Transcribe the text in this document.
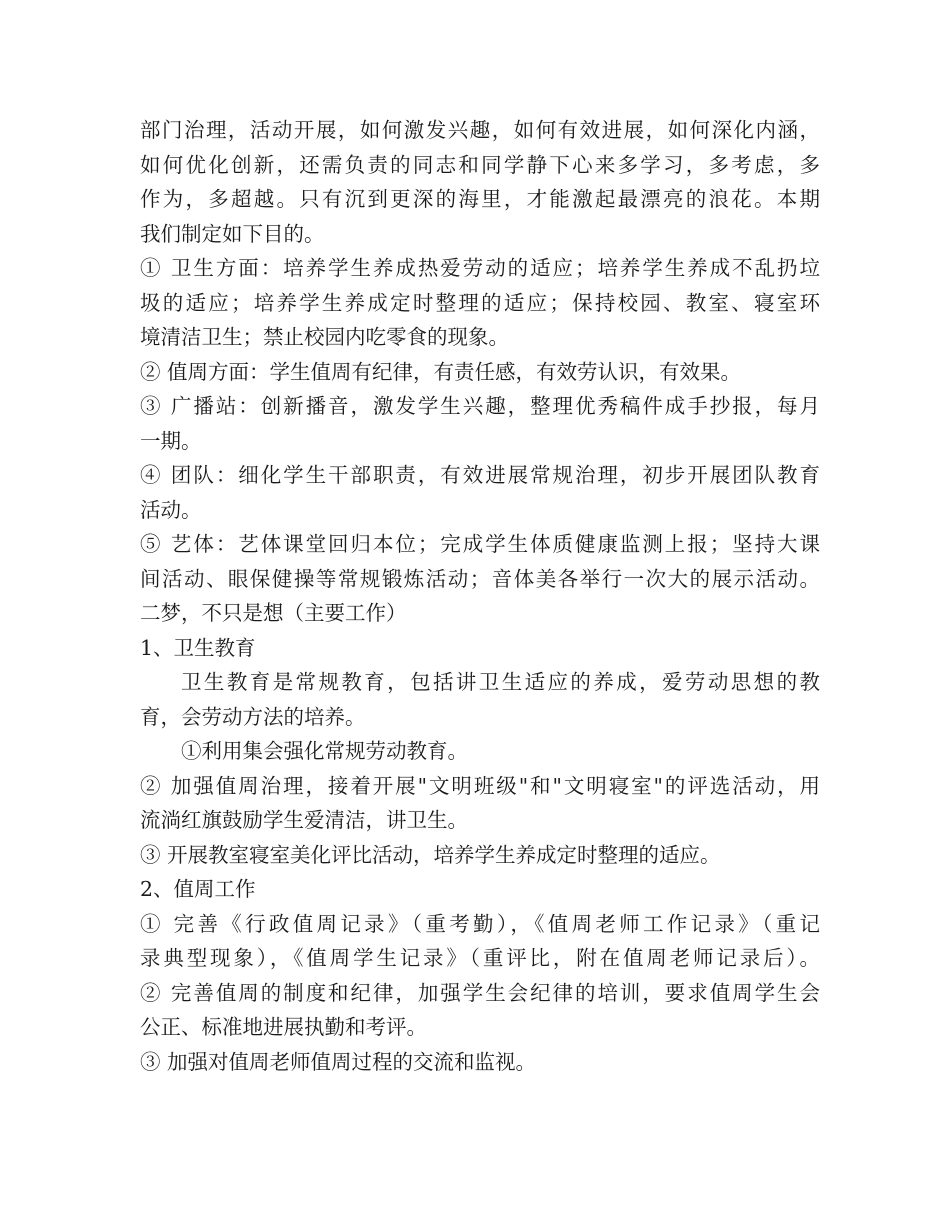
部门治理，活动开展，如何激发兴趣，如何有效进展，如何深化内涵，
如何优化创新，还需负责的同志和同学静下心来多学习，多考虑，多
作为，多超越。只有沉到更深的海里，才能激起最漂亮的浪花。本期
我们制定如下目的。
① 卫生方面：培养学生养成热爱劳动的适应；培养学生养成不乱扔垃
圾的适应；培养学生养成定时整理的适应；保持校园、教室、寝室环
境清洁卫生；禁止校园内吃零食的现象。
② 值周方面：学生值周有纪律，有责任感，有效劳认识，有效果。
③ 广播站：创新播音，激发学生兴趣，整理优秀稿件成手抄报，每月
一期。
④ 团队：细化学生干部职责，有效进展常规治理，初步开展团队教育
活动。
⑤ 艺体：艺体课堂回归本位；完成学生体质健康监测上报；坚持大课
间活动、眼保健操等常规锻炼活动；音体美各举行一次大的展示活动。
二梦，不只是想（主要工作）
1、卫生教育
卫生教育是常规教育，包括讲卫生适应的养成，爱劳动思想的教
育，会劳动方法的培养。
①利用集会强化常规劳动教育。
② 加强值周治理，接着开展"文明班级"和"文明寝室"的评选活动，用
流淌红旗鼓励学生爱清洁，讲卫生。
③ 开展教室寝室美化评比活动，培养学生养成定时整理的适应。
2、值周工作
① 完善《行政值周记录》（重考勤），《值周老师工作记录》（重记
录典型现象），《值周学生记录》（重评比，附在值周老师记录后）。
② 完善值周的制度和纪律，加强学生会纪律的培训，要求值周学生会
公正、标准地进展执勤和考评。
③ 加强对值周老师值周过程的交流和监视。
